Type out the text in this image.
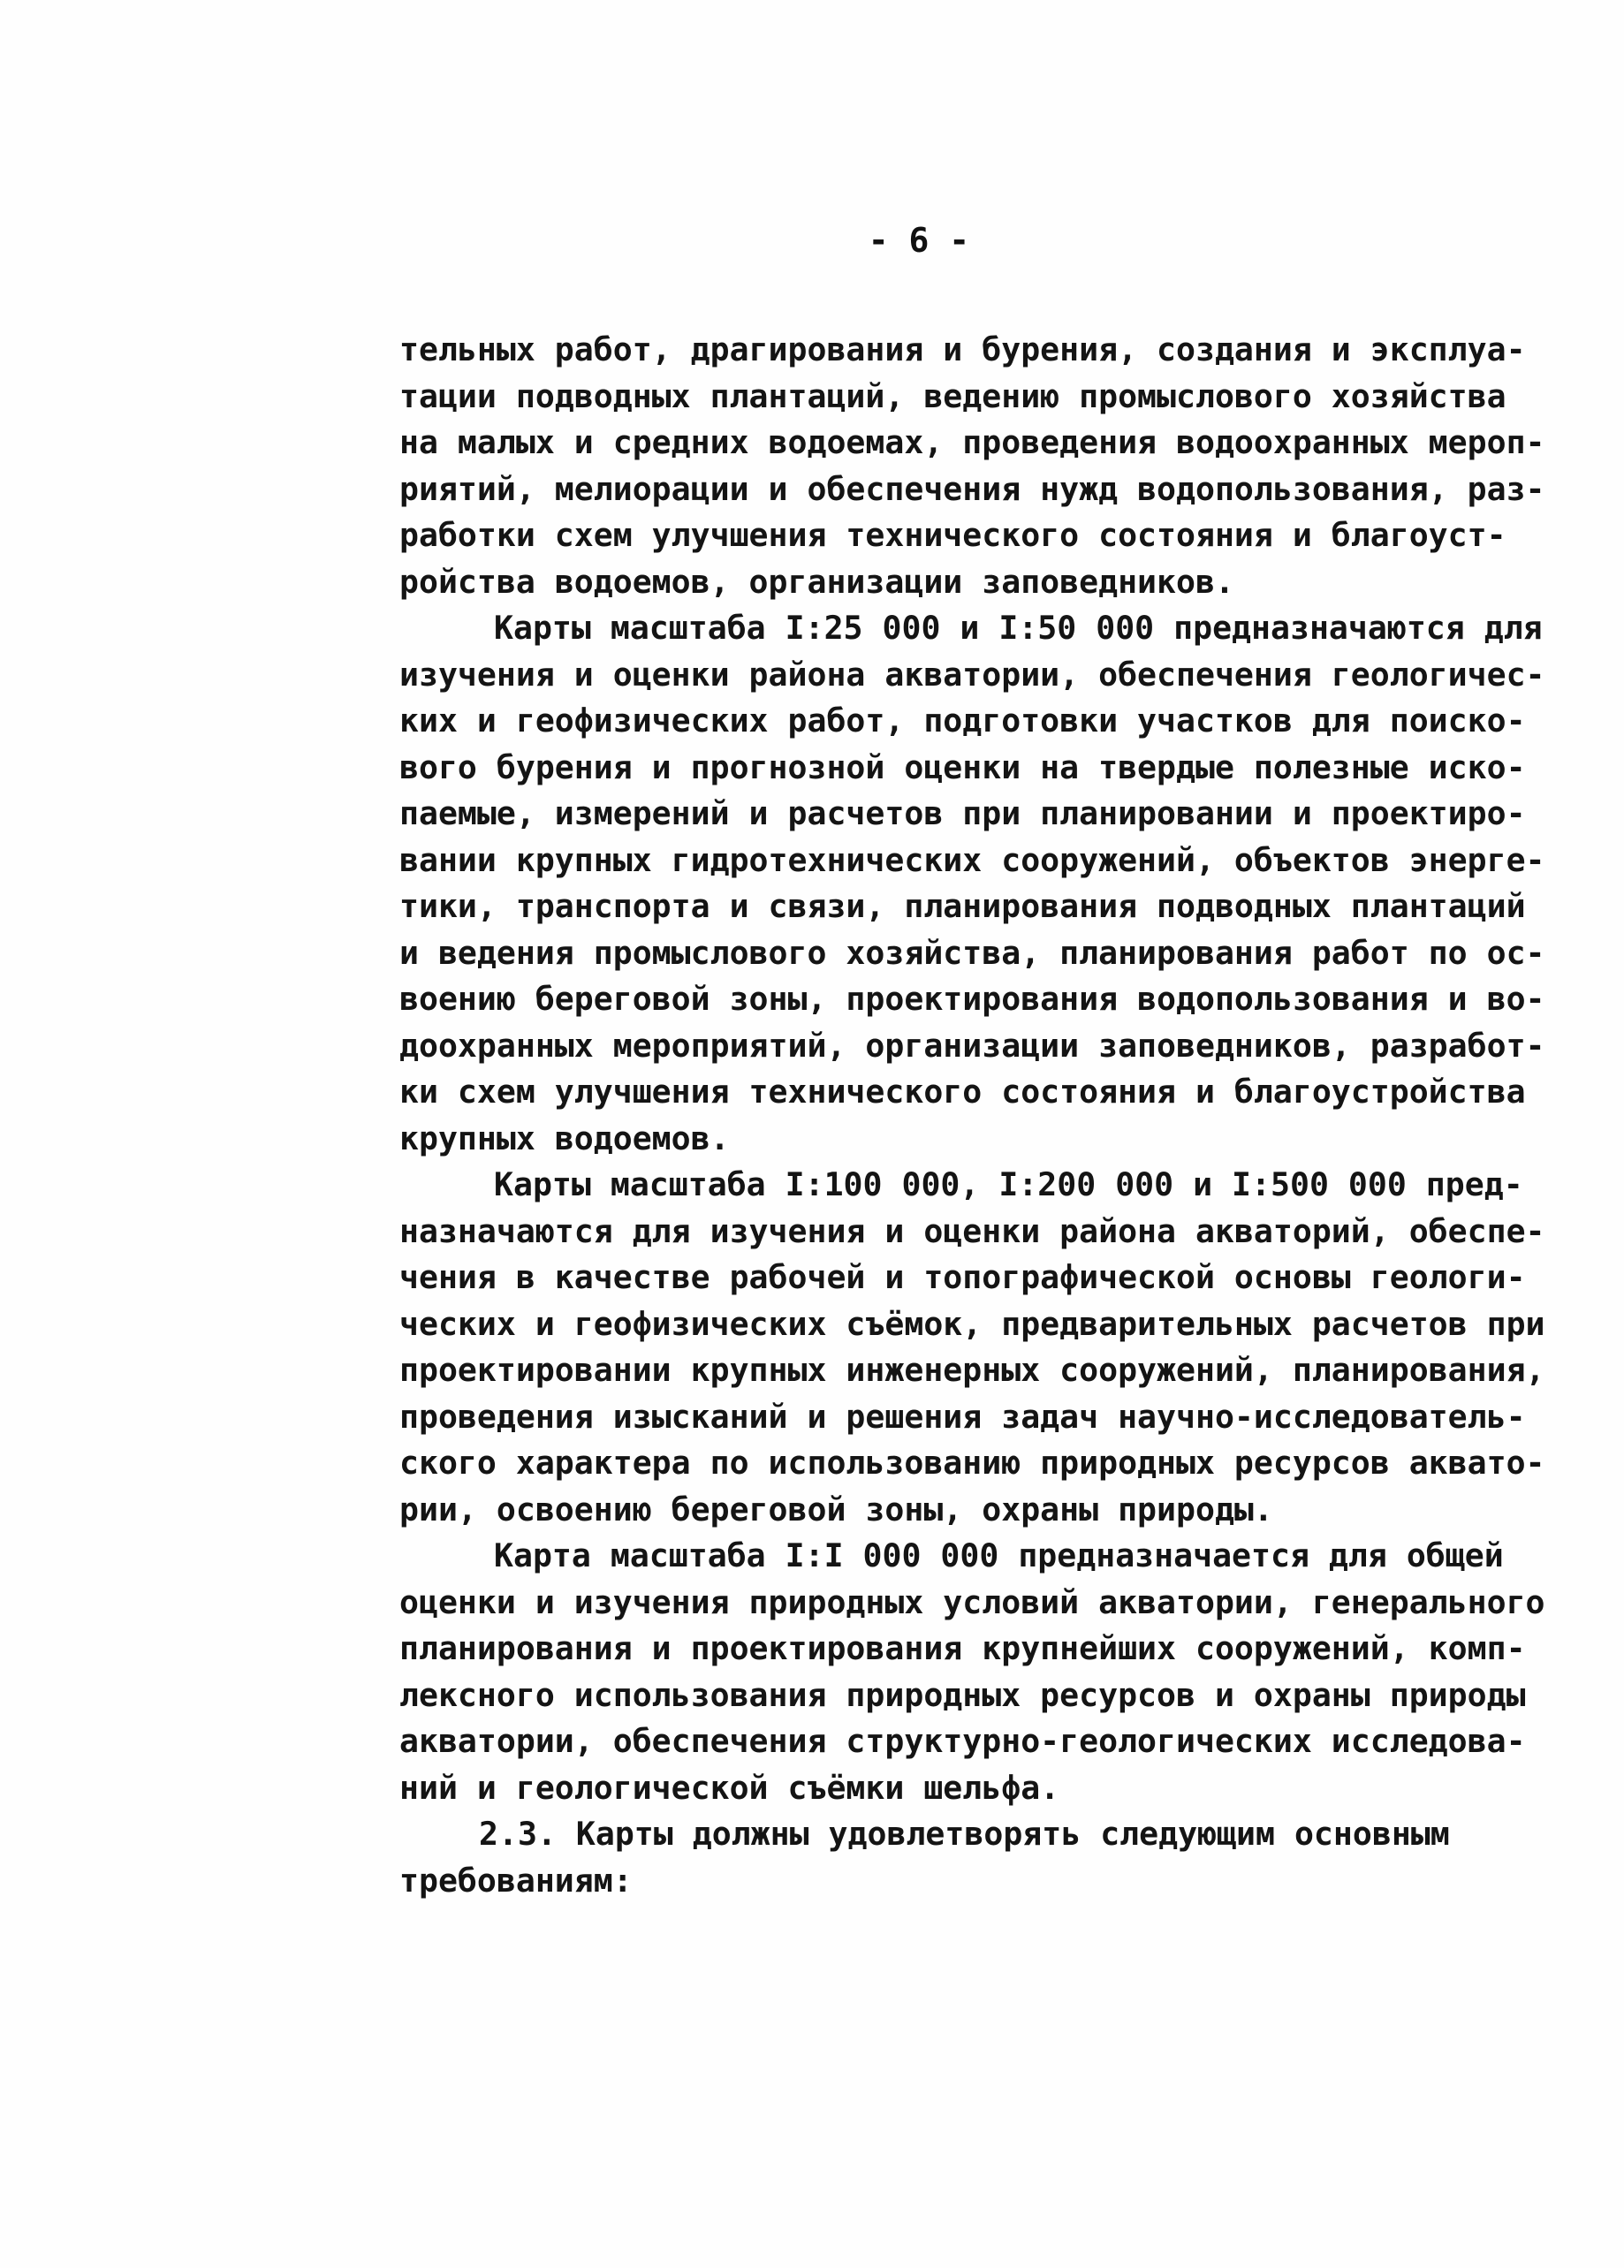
- 6 -
тельных работ, драгирования и бурения, создания и эксплуа-
тации подводных плантаций, ведению промыслового хозяйства
на малых и средних водоемах, проведения водоохранных мероп-
риятий, мелиорации и обеспечения нужд водопользования, раз-
работки схем улучшения технического состояния и благоуст-
ройства водоемов, организации заповедников.
Карты масштаба I:25 000 и I:50 000 предназначаются для
изучения и оценки района акватории, обеспечения геологичес-
ких и геофизических работ, подготовки участков для поиско-
вого бурения и прогнозной оценки на твердые полезные иско-
паемые, измерений и расчетов при планировании и проектиро-
вании крупных гидротехнических сооружений, объектов энерге-
тики, транспорта и связи, планирования подводных плантаций
и ведения промыслового хозяйства, планирования работ по ос-
воению береговой зоны, проектирования водопользования и во-
доохранных мероприятий, организации заповедников, разработ-
ки схем улучшения технического состояния и благоустройства
крупных водоемов.
Карты масштаба I:100 000, I:200 000 и I:500 000 пред-
назначаются для изучения и оценки района акваторий, обеспе-
чения в качестве рабочей и топографической основы геологи-
ческих и геофизических съёмок, предварительных расчетов при
проектировании крупных инженерных сооружений, планирования,
проведения изысканий и решения задач научно-исследователь-
ского характера по использованию природных ресурсов аквато-
рии, освоению береговой зоны, охраны природы.
Карта масштаба I:I 000 000 предназначается для общей
оценки и изучения природных условий акватории, генерального
планирования и проектирования крупнейших сооружений, комп-
лексного использования природных ресурсов и охраны природы
акватории, обеспечения структурно-геологических исследова-
ний и геологической съёмки шельфа.
2.3. Карты должны удовлетворять следующим основным
требованиям:
